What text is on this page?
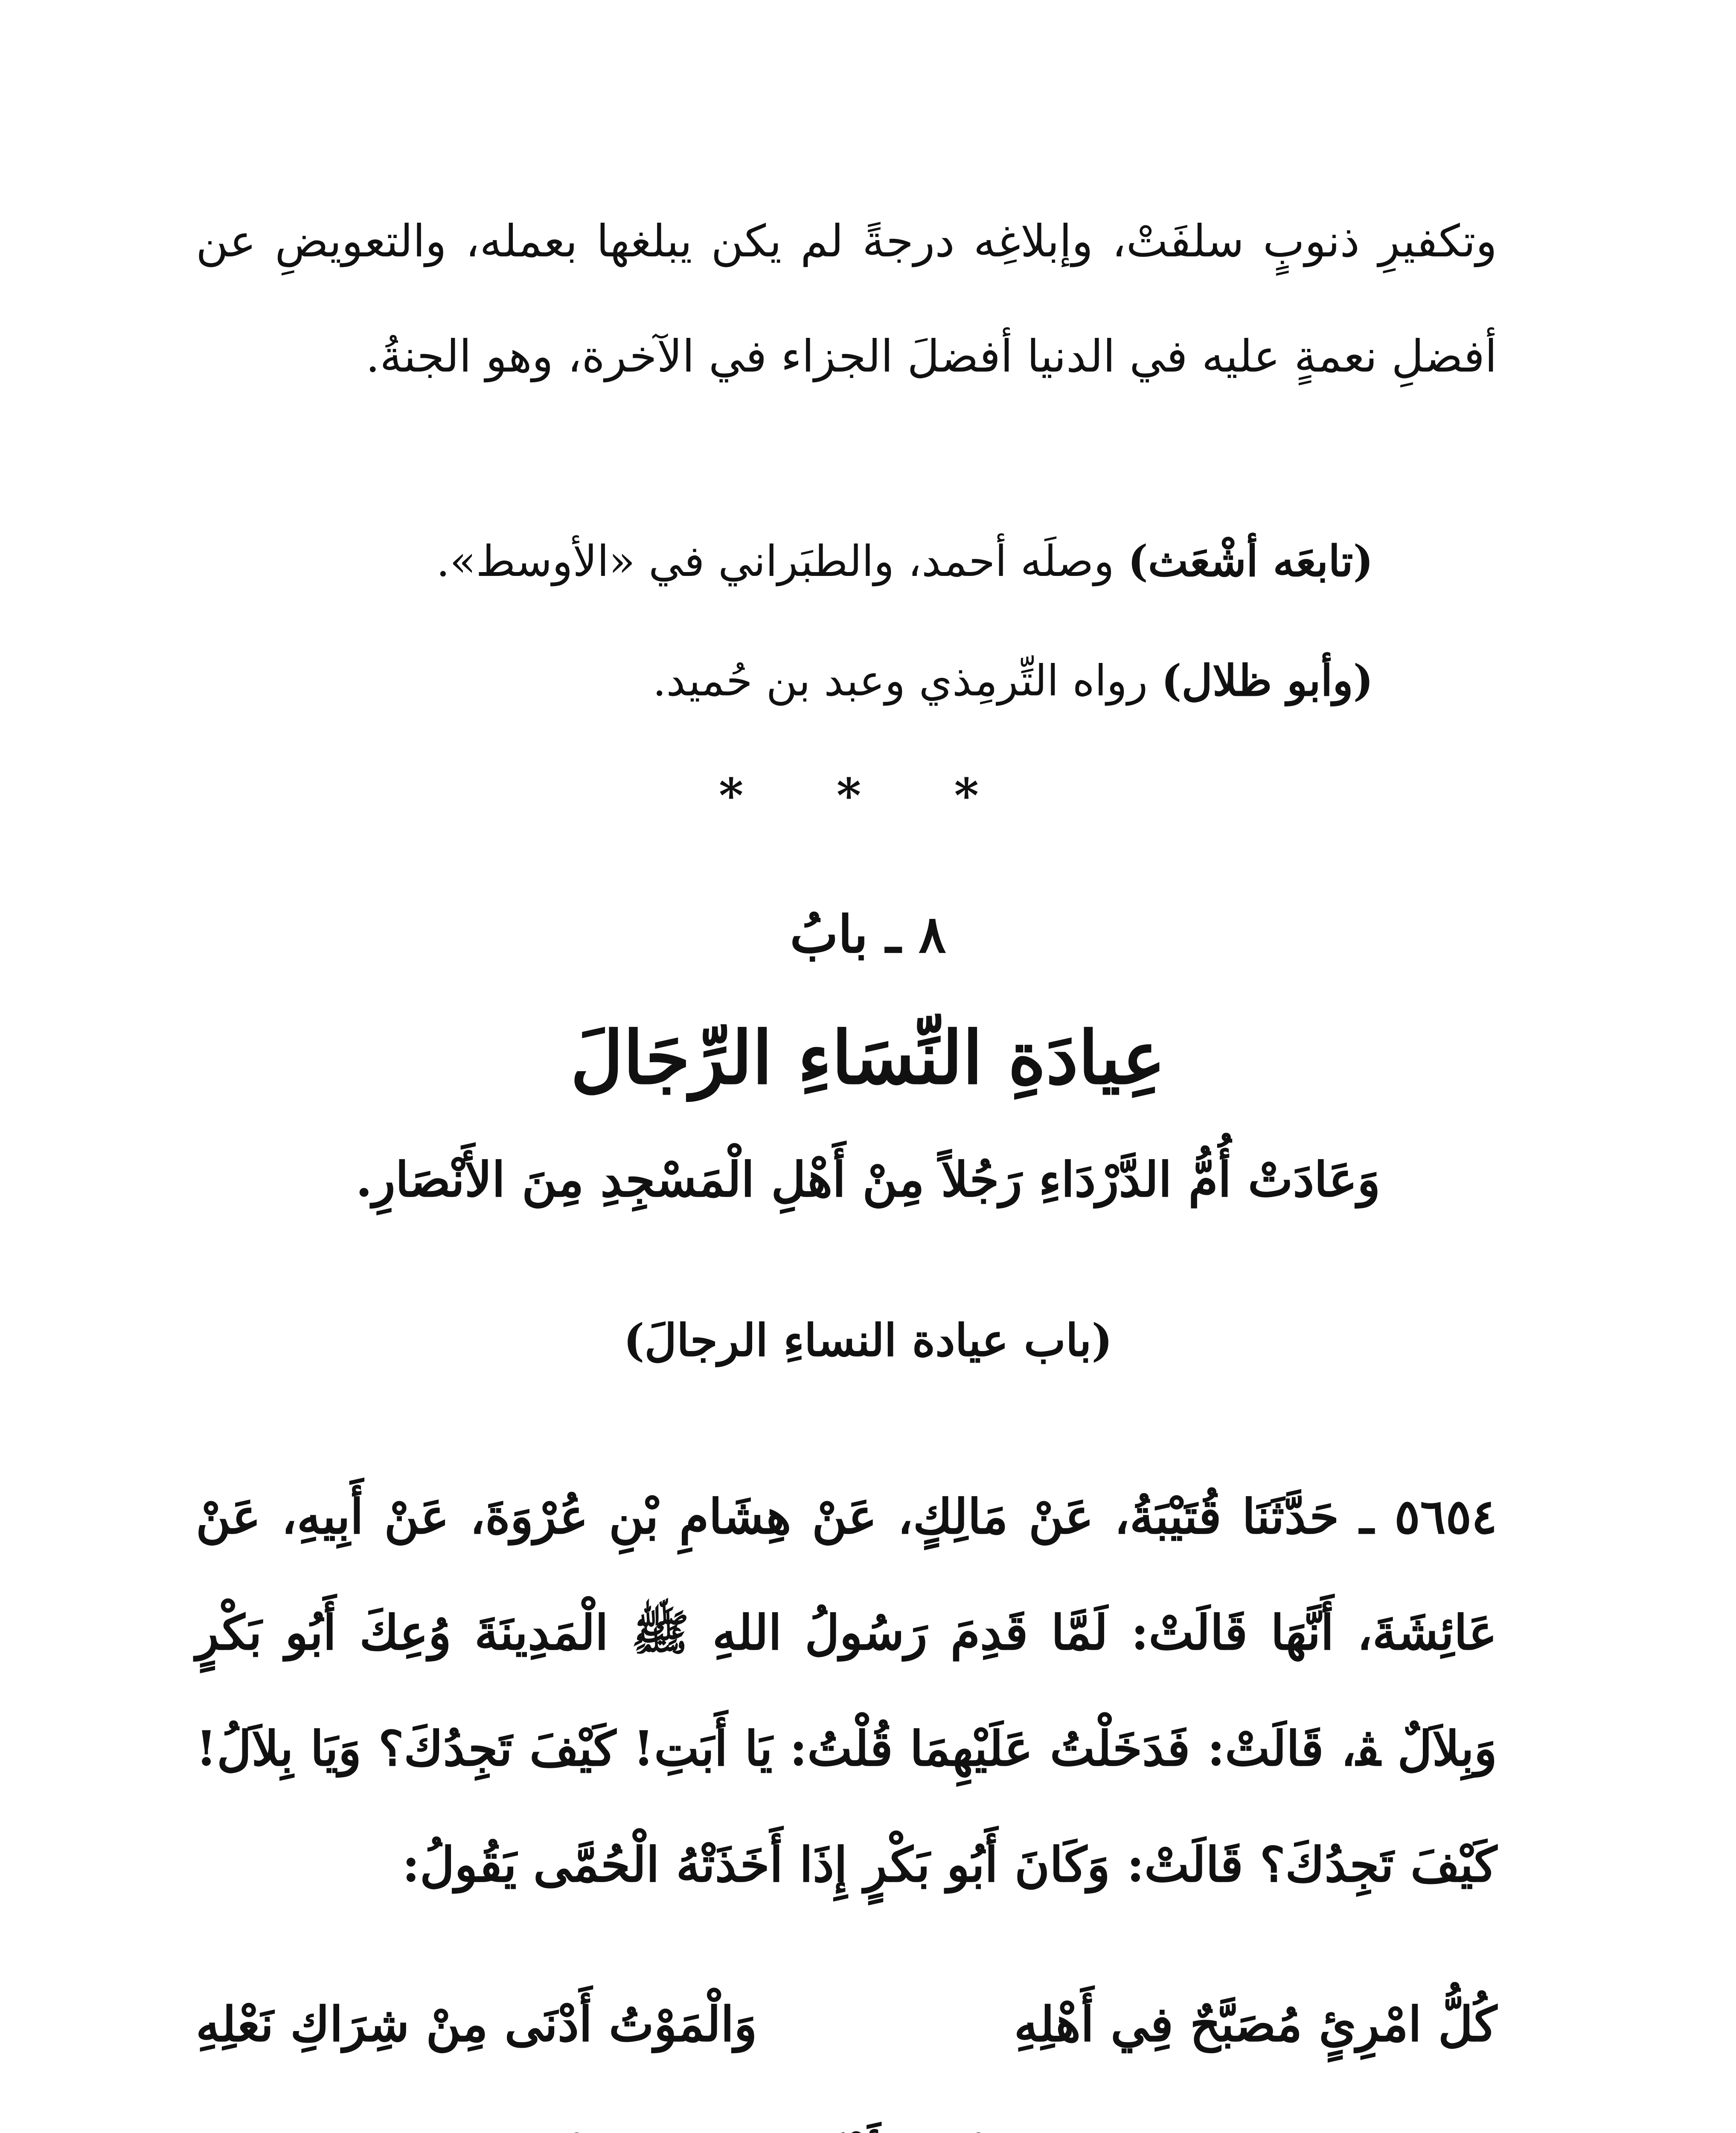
وتكفيرِ ذنوبٍ سلفَتْ، وإبلاغِه درجةً لم يكن يبلغها بعمله، والتعويضِ عن أفضلِ نعمةٍ عليه في الدنيا أفضلَ الجزاء في الآخرة، وهو الجنةُ.

(تابعَه أشْعَث) وصلَه أحمد، والطبَراني في «الأوسط».

(وأبو ظلال) رواه التِّرمِذي وعبد بن حُميد.

* * *
٨ ـ بابُ
عِيادَةِ النِّسَاءِ الرِّجَالَ
وَعَادَتْ أُمُّ الدَّرْدَاءِ رَجُلاً مِنْ أَهْلِ الْمَسْجِدِ مِنَ الأَنْصَارِ.
(باب عيادة النساءِ الرجالَ)

٥٦٥٤ ـ حَدَّثَنَا قُتَيْبَةُ، عَنْ مَالِكٍ، عَنْ هِشَامِ بْنِ عُرْوَةَ، عَنْ أَبِيهِ، عَنْ عَائِشَةَ، أَنَّهَا قَالَتْ: لَمَّا قَدِمَ رَسُولُ اللهِ ﷺ الْمَدِينَةَ وُعِكَ أَبُو بَكْرٍ وَبِلاَلٌ ﭭ، قَالَتْ: فَدَخَلْتُ عَلَيْهِمَا قُلْتُ: يَا أَبَتِ! كَيْفَ تَجِدُكَ؟ وَيَا بِلاَلُ! كَيْفَ تَجِدُكَ؟ قَالَتْ: وَكَانَ أَبُو بَكْرٍ إِذَا أَخَذَتْهُ الْحُمَّى يَقُولُ:

كُلُّ امْرِئٍ مُصَبَّحٌ فِي أَهْلِهِ
وَالْمَوْتُ أَدْنَى مِنْ شِرَاكِ نَعْلِهِ
